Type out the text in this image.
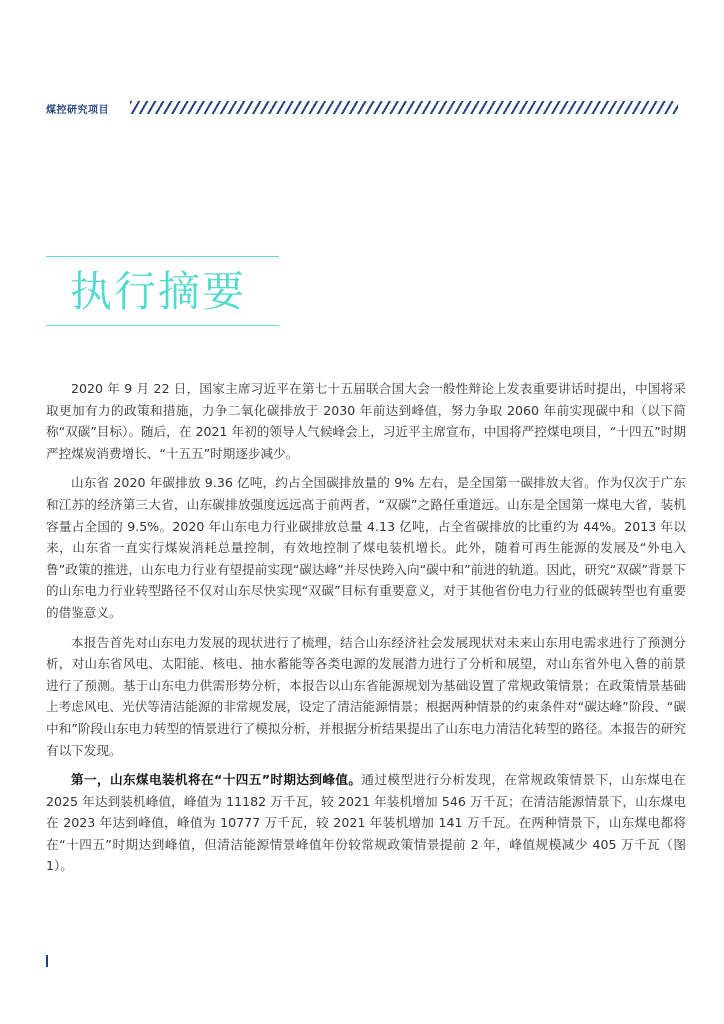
煤控研究项目
执行摘要

2020 年 9 月 22 日，国家主席习近平在第七十五届联合国大会一般性辩论上发表重要讲话时提出，中国将采取更加有力的政策和措施，力争二氧化碳排放于 2030 年前达到峰值，努力争取 2060 年前实现碳中和（以下简称“双碳”目标）。随后，在 2021 年初的领导人气候峰会上，习近平主席宣布，中国将严控煤电项目，“十四五”时期严控煤炭消费增长、“十五五”时期逐步减少。

山东省 2020 年碳排放 9.36 亿吨，约占全国碳排放量的 9% 左右，是全国第一碳排放大省。作为仅次于广东和江苏的经济第三大省，山东碳排放强度远远高于前两者，“双碳”之路任重道远。山东是全国第一煤电大省，装机容量占全国的 9.5%。2020 年山东电力行业碳排放总量 4.13 亿吨，占全省碳排放的比重约为 44%。2013 年以来，山东省一直实行煤炭消耗总量控制，有效地控制了煤电装机增长。此外，随着可再生能源的发展及“外电入鲁”政策的推进，山东电力行业有望提前实现“碳达峰”并尽快跨入向“碳中和”前进的轨道。因此，研究“双碳”背景下的山东电力行业转型路径不仅对山东尽快实现“双碳”目标有重要意义，对于其他省份电力行业的低碳转型也有重要的借鉴意义。

本报告首先对山东电力发展的现状进行了梳理，结合山东经济社会发展现状对未来山东用电需求进行了预测分析，对山东省风电、太阳能、核电、抽水蓄能等各类电源的发展潜力进行了分析和展望，对山东省外电入鲁的前景进行了预测。基于山东电力供需形势分析，本报告以山东省能源规划为基础设置了常规政策情景；在政策情景基础上考虑风电、光伏等清洁能源的非常规发展，设定了清洁能源情景；根据两种情景的约束条件对“碳达峰”阶段、“碳中和”阶段山东电力转型的情景进行了模拟分析，并根据分析结果提出了山东电力清洁化转型的路径。本报告的研究有以下发现。

第一，山东煤电装机将在“十四五”时期达到峰值。通过模型进行分析发现，在常规政策情景下，山东煤电在 2025 年达到装机峰值，峰值为 11182 万千瓦，较 2021 年装机增加 546 万千瓦；在清洁能源情景下，山东煤电在 2023 年达到峰值，峰值为 10777 万千瓦，较 2021 年装机增加 141 万千瓦。在两种情景下，山东煤电都将在“十四五”时期达到峰值，但清洁能源情景峰值年份较常规政策情景提前 2 年，峰值规模减少 405 万千瓦（图 1）。
